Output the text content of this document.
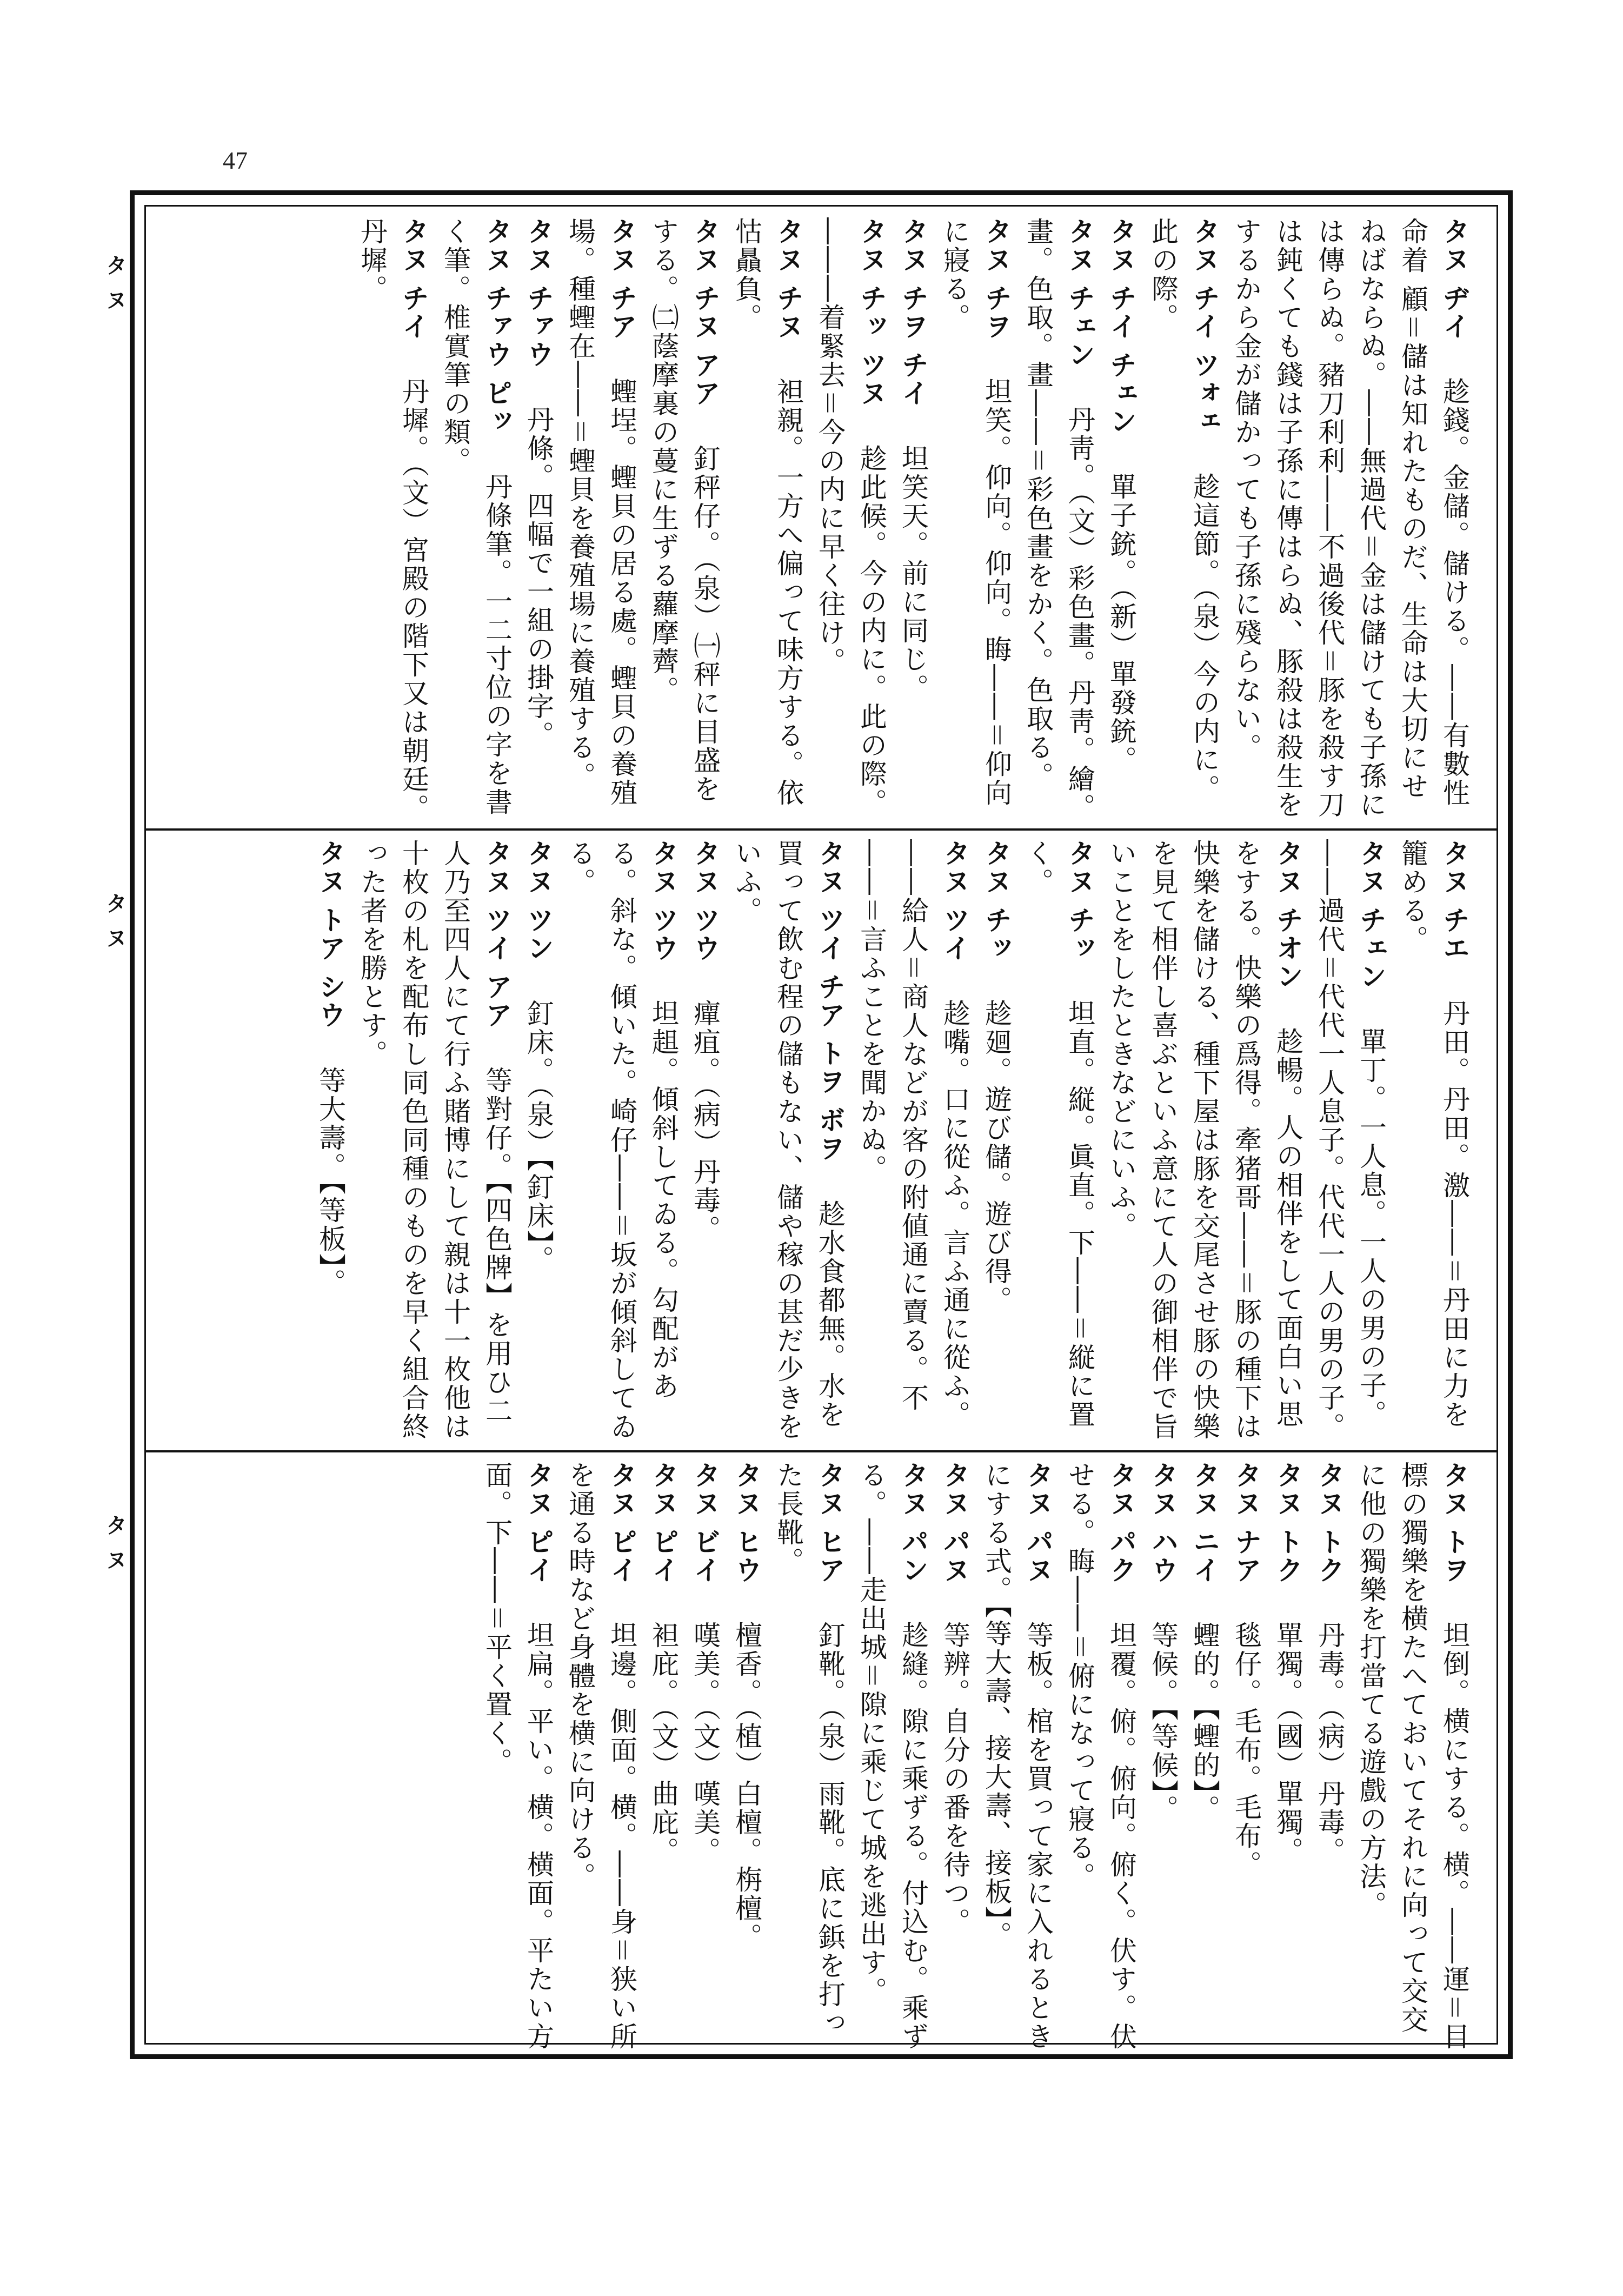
47
タヌ
タヌ
タヌ
タヌ ヂイ　趁錢。金儲。儲ける。――有數性命着 顧＝儲は知れたものだ、生命は大切にせねばならぬ。――無過代＝金は儲けても子孫には傳らぬ。豬刀利利――不過後代＝豚を殺す刀は鈍くても錢は子孫に傳はらぬ、豚殺は殺生をするから金が儲かっても子孫に殘らない。
タヌ チイ ツォェ　趁這節。（泉）今の内に。此の際。
タヌ チイ チェン　單子銃。（新）單發銃。
タヌ チェン　丹靑。（文）彩色畫。丹靑。繪。畫。色取。畫――＝彩色畫をかく。色取る。
タヌ チヲ　坦笑。仰向。仰向。䀲――＝仰向に寢る。
タヌ チヲ チイ　坦笑天。前に同じ。
タヌ チッ ツヌ　趁此候。今の内に。此の際。―――着緊去＝今の内に早く往け。
タヌ チヌ　袒親。一方へ偏って味方する。依怙贔負。
タヌ チヌ アア　釘秤仔。（泉）㈠秤に目盛をする。㈡蔭摩裏の蔓に生ずる蘿摩薺。
タヌ チア　蟶埕。蟶貝の居る處。蟶貝の養殖場。種蟶在――＝蟶貝を養殖場に養殖する。
タヌ チァウ　丹條。四幅で一組の掛字。
タヌ チァウ ピッ　丹條筆。一二寸位の字を書く筆。椎實筆の類。
タヌ チイ　丹墀。（文）宮殿の階下又は朝廷。丹墀。
タヌ チエ　丹田。丹田。激――＝丹田に力を籠める。
タヌ チェン　單丁。一人息。一人の男の子。――過代＝代代一人息子。代代一人の男の子。
タヌ チオン　趁暢。人の相伴をして面白い思をする。快樂の爲得。牽猪哥――＝豚の種下は快樂を儲ける、種下屋は豚を交尾させ豚の快樂を見て相伴し喜ぶといふ意にて人の御相伴で旨いことをしたときなどにいふ。
タヌ チッ　坦直。縦。眞直。下――＝縦に置く。
タヌ チッ　趁廻。遊び儲。遊び得。
タヌ ツイ　趁嘴。口に從ふ。言ふ通に從ふ。――給人＝商人などが客の附値通に賣る。不――＝言ふことを聞かぬ。
タヌ ツイ チア トヲ ボヲ　趁水食都無。水を買って飲む程の儲もない、儲や稼の甚だ少きをいふ。
タヌ ツウ　癉疽。（病）丹毒。
タヌ ツウ　坦趄。傾斜してゐる。勾配がある。斜な。傾いた。崎仔――＝坂が傾斜してゐる。
タヌ ツン　釘床。（泉）【釘床】。
タヌ ツイ アア　等對仔。【四色牌】を用ひ二人乃至四人にて行ふ賭博にして親は十一枚他は十枚の札を配布し同色同種のものを早く組合終った者を勝とす。
タヌ トア シウ　等大壽。【等板】。
タヌ トヲ　坦倒。横にする。横。――運＝目標の獨樂を横たへておいてそれに向って交交に他の獨樂を打當てる遊戲の方法。
タヌ トク　丹毒。（病）丹毒。
タヌ トク　單獨。（國）單獨。
タヌ ナア　毯仔。毛布。毛布。
タヌ ニイ　蟶的。【蟶的】。
タヌ ハウ　等候。【等候】。
タヌ パク　坦覆。俯。俯向。俯く。伏す。伏せる。䀲――＝俯になって寢る。
タヌ パヌ　等板。棺を買って家に入れるときにする式。【等大壽、接大壽、接板】。
タヌ パヌ　等辨。自分の番を待つ。
タヌ パン　趁縫。隙に乘ずる。付込む。乘ずる。――走出城＝隙に乘じて城を逃出す。
タヌ ヒア　釘靴。（泉）雨靴。底に鋲を打った長靴。
タヌ ヒウ　檀香。（植）白檀。栴檀。
タヌ ビイ　嘆美。（文）嘆美。
タヌ ピイ　袒庇。（文）曲庇。
タヌ ピイ　坦邊。側面。横。――身＝狭い所を通る時など身體を横に向ける。
タヌ ピイ　坦扁。平い。横。横面。平たい方面。下――＝平く置く。
